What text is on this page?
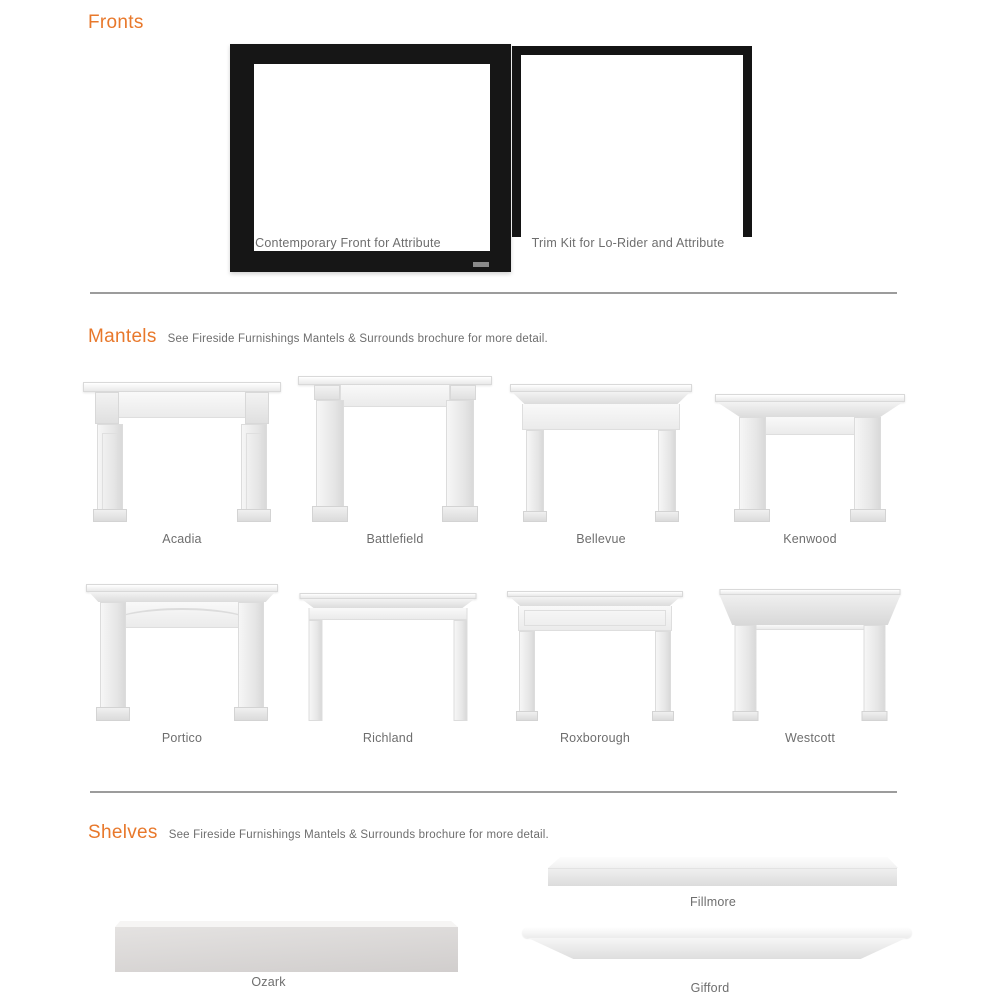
Fronts
Contemporary Front for Attribute	Trim Kit for Lo-Rider and Attribute
Mantels See Fireside Furnishings Mantels & Surrounds brochure for more detail.
Acadia	Battlefield	Bellevue	Kenwood
Portico	Richland	Roxborough	Westcott
Shelves See Fireside Furnishings Mantels & Surrounds brochure for more detail.
Fillmore
Ozark	Gifford
